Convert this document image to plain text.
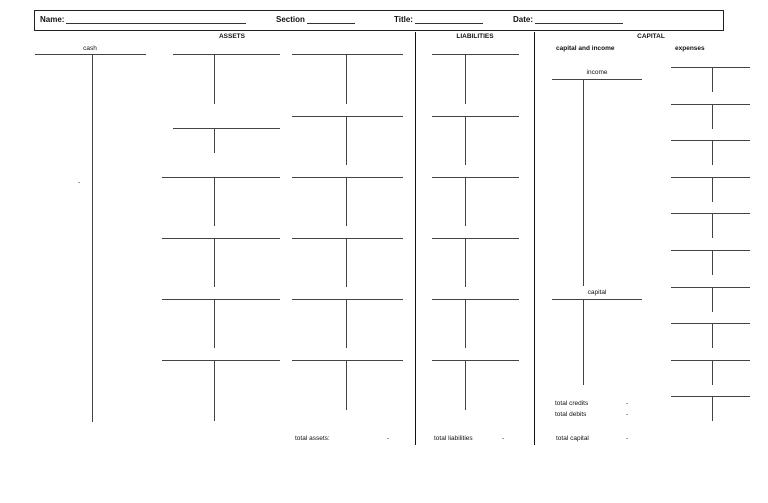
Name:	Section	Title:	Date:
ASSETS	LIABILITIES	CAPITAL
capital and income	expenses
cash
-
income
capital
total credits	-
total debits	-
total assets:	-	total liabilities	-	total capital	-
